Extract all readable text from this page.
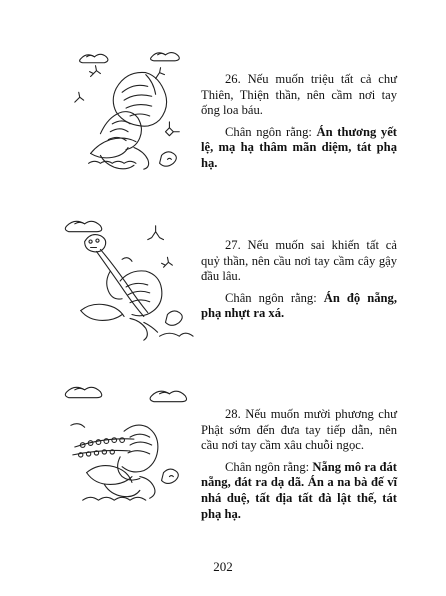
26. Nếu muốn triệu tất cả chư Thiên, Thiện thần, nên cầm nơi tay ống loa báu.

Chân ngôn rằng: Án thương yết lệ, mạ hạ thâm mãn diệm, tát phạ hạ.

27. Nếu muốn sai khiến tất cả quỷ thần, nên cầu nơi tay cầm cây gậy đầu lâu.

Chân ngôn rằng: Án độ nẵng, phạ nhựt ra xá.

28. Nếu muốn mười phương chư Phật sớm đến đưa tay tiếp dẫn, nên cầu nơi tay cầm xâu chuỗi ngọc.

Chân ngôn rằng: Nẵng mô ra đát nẵng, đát ra dạ dã. Án a na bà đế vĩ nhá duệ, tất địa tất đà lật thế, tát phạ hạ.

202
